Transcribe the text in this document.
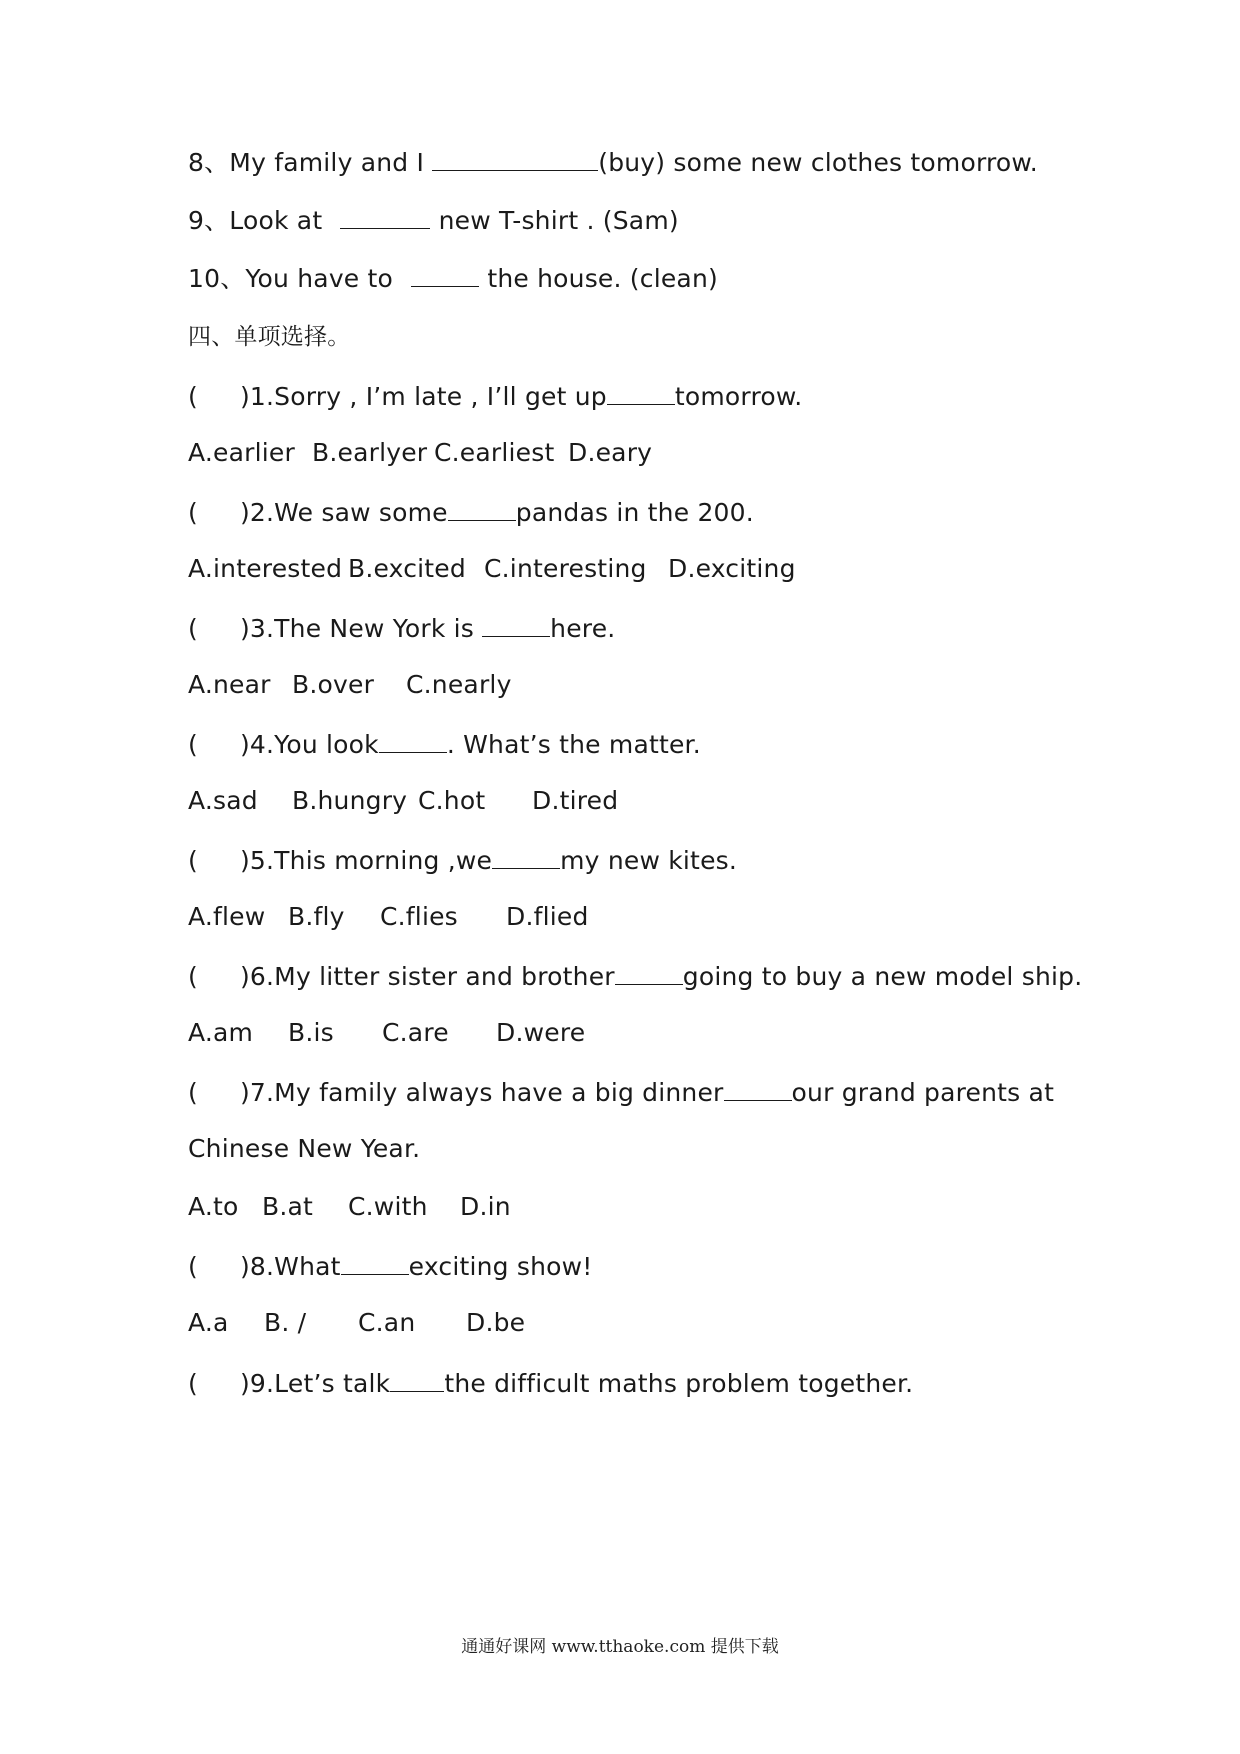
8、My family and I	(buy) some new clothes tomorrow.
9、Look at	new T-shirt . (Sam)
10、You have to	the house. (clean)
四、单项选择。
( )1.Sorry , I’m late , I’ll get up	tomorrow.
A.earlier B.earlyer C.earliest D.eary
( )2.We saw some	pandas in the 200.
A.interested B.excited C.interesting D.exciting
( )3.The New York is	here.
A.near B.over C.nearly
( )4.You look	. What’s the matter.
A.sad B.hungry C.hot D.tired
( )5.This morning ,we	my new kites.
A.flew B.fly C.flies D.flied
( )6.My litter sister and brother	going to buy a new model ship.
A.am B.is C.are D.were
( )7.My family always have a big dinner	our grand parents at
Chinese New Year.
A.to B.at C.with D.in
( )8.What	exciting show!
A.a B. / C.an D.be
( )9.Let’s talk the difficult maths problem together.
通通好课网 www.tthaoke.com 提供下载
